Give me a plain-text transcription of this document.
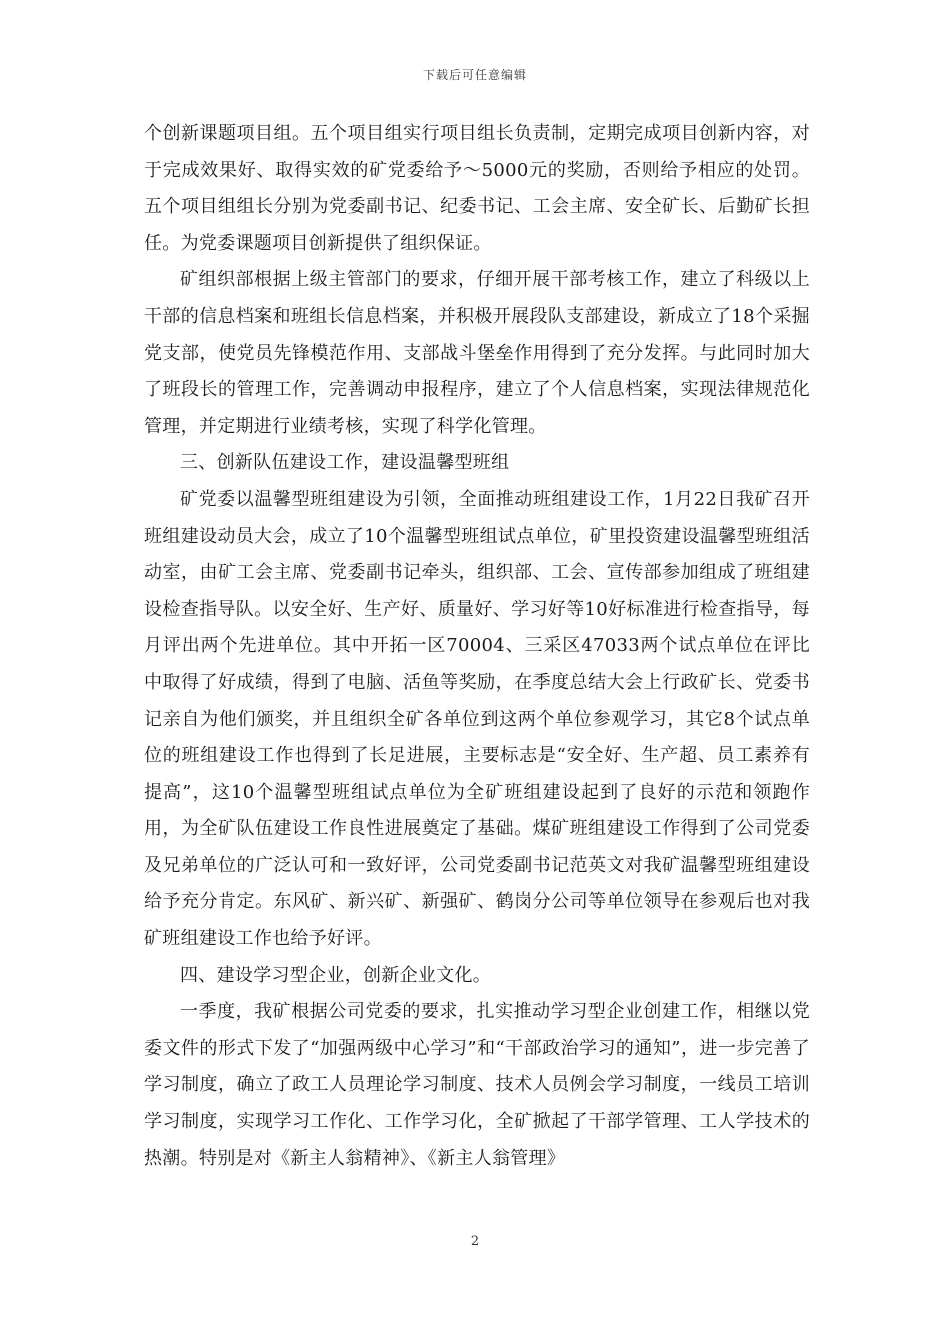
下载后可任意编辑

个创新课题项目组。五个项目组实行项目组长负责制，定期完成项目创新内容，对于完成效果好、取得实效的矿党委给予～5000元的奖励，否则给予相应的处罚。五个项目组组长分别为党委副书记、纪委书记、工会主席、安全矿长、后勤矿长担任。为党委课题项目创新提供了组织保证。

矿组织部根据上级主管部门的要求，仔细开展干部考核工作，建立了科级以上干部的信息档案和班组长信息档案，并积极开展段队支部建设，新成立了18个采掘党支部，使党员先锋模范作用、支部战斗堡垒作用得到了充分发挥。与此同时加大了班段长的管理工作，完善调动申报程序，建立了个人信息档案，实现法律规范化管理，并定期进行业绩考核，实现了科学化管理。

三、创新队伍建设工作，建设温馨型班组

矿党委以温馨型班组建设为引领，全面推动班组建设工作，1月22日我矿召开班组建设动员大会，成立了10个温馨型班组试点单位，矿里投资建设温馨型班组活动室，由矿工会主席、党委副书记牵头，组织部、工会、宣传部参加组成了班组建设检查指导队。以安全好、生产好、质量好、学习好等10好标准进行检查指导，每月评出两个先进单位。其中开拓一区70004、三采区47033两个试点单位在评比中取得了好成绩，得到了电脑、活鱼等奖励，在季度总结大会上行政矿长、党委书记亲自为他们颁奖，并且组织全矿各单位到这两个单位参观学习，其它8个试点单位的班组建设工作也得到了长足进展，主要标志是“安全好、生产超、员工素养有提高”，这10个温馨型班组试点单位为全矿班组建设起到了良好的示范和领跑作用，为全矿队伍建设工作良性进展奠定了基础。煤矿班组建设工作得到了公司党委及兄弟单位的广泛认可和一致好评，公司党委副书记范英文对我矿温馨型班组建设给予充分肯定。东风矿、新兴矿、新强矿、鹤岗分公司等单位领导在参观后也对我矿班组建设工作也给予好评。

四、建设学习型企业，创新企业文化。

一季度，我矿根据公司党委的要求，扎实推动学习型企业创建工作，相继以党委文件的形式下发了“加强两级中心学习”和“干部政治学习的通知”，进一步完善了学习制度，确立了政工人员理论学习制度、技术人员例会学习制度，一线员工培训学习制度，实现学习工作化、工作学习化，全矿掀起了干部学管理、工人学技术的热潮。特别是对《新主人翁精神》、《新主人翁管理》

2
